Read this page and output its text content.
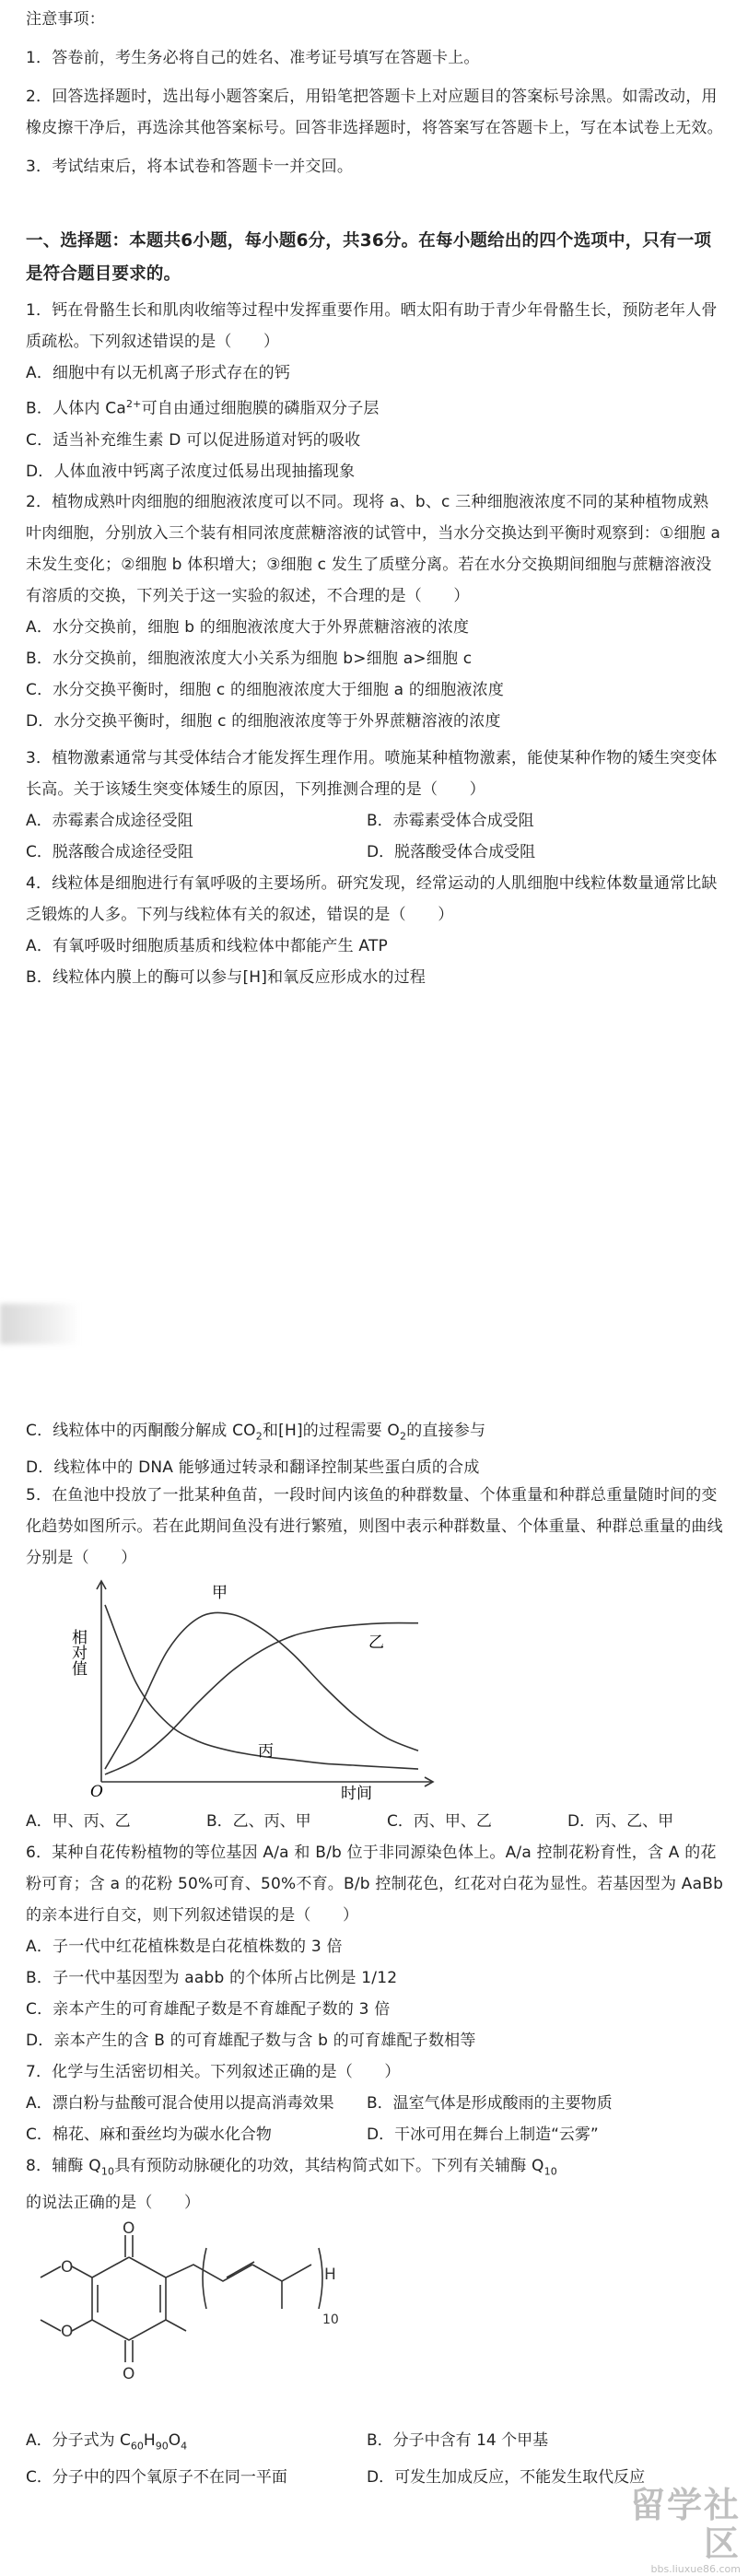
注意事项：

1．答卷前，考生务必将自己的姓名、准考证号填写在答题卡上。

2．回答选择题时，选出每小题答案后，用铅笔把答题卡上对应题目的答案标号涂黑。如需改动，用橡皮擦干净后，再选涂其他答案标号。回答非选择题时，将答案写在答题卡上，写在本试卷上无效。

3．考试结束后，将本试卷和答题卡一并交回。

一、选择题：本题共6小题，每小题6分，共36分。在每小题给出的四个选项中，只有一项是符合题目要求的。

1．钙在骨骼生长和肌肉收缩等过程中发挥重要作用。晒太阳有助于青少年骨骼生长，预防老年人骨质疏松。下列叙述错误的是（　　）

A．细胞中有以无机离子形式存在的钙

B．人体内 $Ca^{2+}$可自由通过细胞膜的磷脂双分子层

C．适当补充维生素 D 可以促进肠道对钙的吸收

D．人体血液中钙离子浓度过低易出现抽搐现象

2．植物成熟叶肉细胞的细胞液浓度可以不同。现将 a、b、c 三种细胞液浓度不同的某种植物成熟叶肉细胞，分别放入三个装有相同浓度蔗糖溶液的试管中，当水分交换达到平衡时观察到：①细胞 a 未发生变化；②细胞 b 体积增大；③细胞 c 发生了质壁分离。若在水分交换期间细胞与蔗糖溶液没有溶质的交换，下列关于这一实验的叙述，不合理的是（　　）

A．水分交换前，细胞 b 的细胞液浓度大于外界蔗糖溶液的浓度

B．水分交换前，细胞液浓度大小关系为细胞 b>细胞 a>细胞 c

C．水分交换平衡时，细胞 c 的细胞液浓度大于细胞 a 的细胞液浓度

D．水分交换平衡时，细胞 c 的细胞液浓度等于外界蔗糖溶液的浓度

3．植物激素通常与其受体结合才能发挥生理作用。喷施某种植物激素，能使某种作物的矮生突变体长高。关于该矮生突变体矮生的原因，下列推测合理的是（　　）

A．赤霉素合成途径受阻	B．赤霉素受体合成受阻
C．脱落酸合成途径受阻	D．脱落酸受体合成受阻

4．线粒体是细胞进行有氧呼吸的主要场所。研究发现，经常运动的人肌细胞中线粒体数量通常比缺乏锻炼的人多。下列与线粒体有关的叙述，错误的是（　　）

A．有氧呼吸时细胞质基质和线粒体中都能产生 ATP

B．线粒体内膜上的酶可以参与[H]和氧反应形成水的过程

C．线粒体中的丙酮酸分解成 $CO_2$和[H]的过程需要 $O_2$的直接参与

D．线粒体中的 DNA 能够通过转录和翻译控制某些蛋白质的合成

5．在鱼池中投放了一批某种鱼苗，一段时间内该鱼的种群数量、个体重量和种群总重量随时间的变化趋势如图所示。若在此期间鱼没有进行繁殖，则图中表示种群数量、个体重量、种群总重量的曲线分别是（　　）

相对值
O	时间
甲
乙
丙
A．甲、丙、乙	B．乙、丙、甲	C．丙、甲、乙	D．丙、乙、甲

6．某种自花传粉植物的等位基因 A/a 和 B/b 位于非同源染色体上。A/a 控制花粉育性，含 A 的花粉可育；含 a 的花粉 50%可育、50%不育。B/b 控制花色，红花对白花为显性。若基因型为 AaBb 的亲本进行自交，则下列叙述错误的是（　　）

A．子一代中红花植株数是白花植株数的 3 倍

B．子一代中基因型为 aabb 的个体所占比例是 1/12

C．亲本产生的可育雄配子数是不育雄配子数的 3 倍

D．亲本产生的含 B 的可育雄配子数与含 b 的可育雄配子数相等

7．化学与生活密切相关。下列叙述正确的是（　　）

A．漂白粉与盐酸可混合使用以提高消毒效果	B．温室气体是形成酸雨的主要物质
C．棉花、麻和蚕丝均为碳水化合物	D．干冰可用在舞台上制造“云雾”

8．辅酶 $Q_{10}$具有预防动脉硬化的功效，其结构简式如下。下列有关辅酶 $Q_{10}$的说法正确的是（　　）

O
O
O
O
H
10
A．分子式为 $C_{60}H_{90}O_4$	B．分子中含有 14 个甲基
C．分子中的四个氧原子不在同一平面	D．可发生加成反应，不能发生取代反应
留学社区
bbs.liuxue86.com
